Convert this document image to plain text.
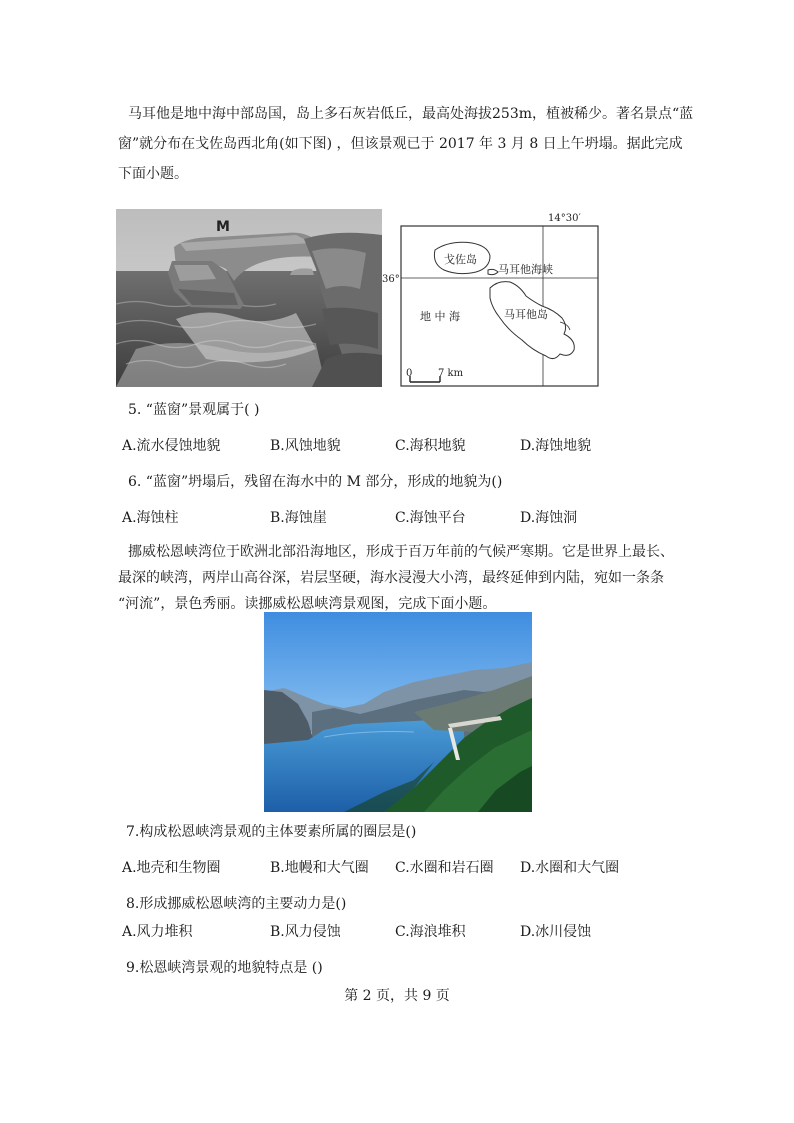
马耳他是地中海中部岛国，岛上多石灰岩低丘，最高处海拔253m，植被稀少。著名景点“蓝
窗”就分布在戈佐岛西北角(如下图) ，但该景观已于 2017 年 3 月 8 日上午坍塌。据此完成
下面小题。
M
14°30′
36°
戈佐岛
马耳他海峡
地 中 海	马耳他岛
0	7 km
5. “蓝窗”景观属于( )
A.流水侵蚀地貌	B.风蚀地貌	C.海积地貌	D.海蚀地貌
6. “蓝窗”坍塌后，残留在海水中的 M 部分，形成的地貌为()
A.海蚀柱	B.海蚀崖	C.海蚀平台	D.海蚀洞
挪威松恩峡湾位于欧洲北部沿海地区，形成于百万年前的气候严寒期。它是世界上最长、
最深的峡湾，两岸山高谷深，岩层坚硬，海水浸漫大小湾，最终延伸到内陆，宛如一条条
“河流”，景色秀丽。读挪威松恩峡湾景观图，完成下面小题。
7.构成松恩峡湾景观的主体要素所属的圈层是()
A.地壳和生物圈	B.地幔和大气圈 C.水圈和岩石圈 D.水圈和大气圈
8.形成挪威松恩峡湾的主要动力是()
A.风力堆积	B.风力侵蚀	C.海浪堆积	D.冰川侵蚀
9.松恩峡湾景观的地貌特点是 ()
第 2 页，共 9 页
